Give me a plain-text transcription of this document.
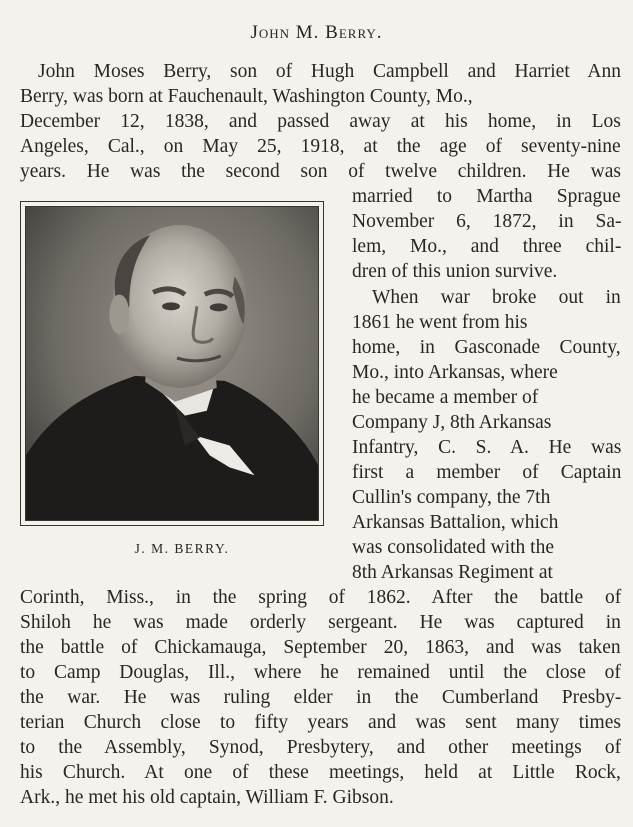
John M. Berry.
J. M. BERRY.
John Moses Berry, son of Hugh Campbell and Harriet Ann
Berry, was born at Fauchenault, Washington County, Mo.,
December 12, 1838, and passed away at his home, in Los
Angeles, Cal., on May 25, 1918, at the age of seventy-nine
years. He was the second son of twelve children. He was
married to Martha Sprague
November 6, 1872, in Sa-
lem, Mo., and three chil-
dren of this union survive.
When war broke out in
1861 he went from his
home, in Gasconade County,
Mo., into Arkansas, where
he became a member of
Company J, 8th Arkansas
Infantry, C. S. A. He was
first a member of Captain
Cullin's company, the 7th
Arkansas Battalion, which
was consolidated with the
8th Arkansas Regiment at
Corinth, Miss., in the spring of 1862. After the battle of
Shiloh he was made orderly sergeant. He was captured in
the battle of Chickamauga, September 20, 1863, and was taken
to Camp Douglas, Ill., where he remained until the close of
the war. He was ruling elder in the Cumberland Presby-
terian Church close to fifty years and was sent many times
to the Assembly, Synod, Presbytery, and other meetings of
his Church. At one of these meetings, held at Little Rock,
Ark., he met his old captain, William F. Gibson.
